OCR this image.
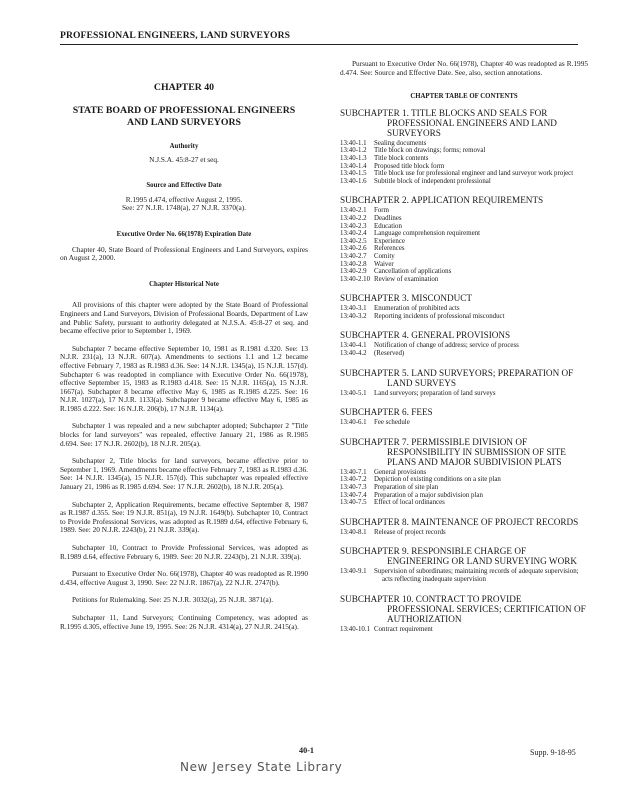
PROFESSIONAL ENGINEERS, LAND SURVEYORS
CHAPTER 40
STATE BOARD OF PROFESSIONAL ENGINEERS
AND LAND SURVEYORS
Authority
N.J.S.A. 45:8-27 et seq.
Source and Effective Date
R.1995 d.474, effective August 2, 1995.
See: 27 N.J.R. 1748(a), 27 N.J.R. 3370(a).
Executive Order No. 66(1978) Expiration Date

Chapter 40, State Board of Professional Engineers and Land Surveyors, expires on August 2, 2000.

Chapter Historical Note

All provisions of this chapter were adopted by the State Board of Professional Engineers and Land Surveyors, Division of Professional Boards, Department of Law and Public Safety, pursuant to authority delegated at N.J.S.A. 45:8-27 et seq. and became effective prior to September 1, 1969.

Subchapter 7 became effective September 10, 1981 as R.1981 d.320. See: 13 N.J.R. 231(a), 13 N.J.R. 607(a). Amendments to sections 1.1 and 1.2 became effective February 7, 1983 as R.1983 d.36. See: 14 N.J.R. 1345(a), 15 N.J.R. 157(d). Subchapter 6 was readopted in compliance with Executive Order No. 66(1978), effective September 15, 1983 as R.1983 d.418. See: 15 N.J.R. 1165(a), 15 N.J.R. 1667(a). Subchapter 8 became effective May 6, 1985 as R.1985 d.225. See: 16 N.J.R. 1027(a), 17 N.J.R. 1133(a). Subchapter 9 became effective May 6, 1985 as R.1985 d.222. See: 16 N.J.R. 206(b), 17 N.J.R. 1134(a).

Subchapter 1 was repealed and a new subchapter adopted; Subchapter 2 "Title blocks for land surveyors" was repealed, effective January 21, 1986 as R.1985 d.694. See: 17 N.J.R. 2602(b), 18 N.J.R. 205(a).

Subchapter 2, Title blocks for land surveyors, became effective prior to September 1, 1969. Amendments became effective February 7, 1983 as R.1983 d.36. See: 14 N.J.R. 1345(a), 15 N.J.R. 157(d). This subchapter was repealed effective January 21, 1986 as R.1985 d.694. See: 17 N.J.R. 2602(b), 18 N.J.R. 205(a).

Subchapter 2, Application Requirements, became effective September 8, 1987 as R.1987 d.355. See: 19 N.J.R. 851(a), 19 N.J.R. 1649(b). Subchapter 10, Contract to Provide Professional Services, was adopted as R.1989 d.64, effective February 6, 1989. See: 20 N.J.R. 2243(b), 21 N.J.R. 339(a).

Subchapter 10, Contract to Provide Professional Services, was adopted as R.1989 d.64, effective February 6, 1989. See: 20 N.J.R. 2243(b), 21 N.J.R. 339(a).

Pursuant to Executive Order No. 66(1978), Chapter 40 was readopted as R.1990 d.434, effective August 3, 1990. See: 22 N.J.R. 1867(a), 22 N.J.R. 2747(b).

Petitions for Rulemaking. See: 25 N.J.R. 3032(a), 25 N.J.R. 3871(a).

Subchapter 11, Land Surveyors; Continuing Competency, was adopted as R.1995 d.305, effective June 19, 1995. See: 26 N.J.R. 4314(a), 27 N.J.R. 2415(a).

Pursuant to Executive Order No. 66(1978), Chapter 40 was readopted as R.1995 d.474. See: Source and Effective Date. See, also, section annotations.

CHAPTER TABLE OF CONTENTS
SUBCHAPTER 1. TITLE BLOCKS AND SEALS FOR PROFESSIONAL ENGINEERS AND LAND SURVEYORS
13:40-1.1	Sealing documents
13:40-1.2	Title block on drawings; forms; removal
13:40-1.3	Title block contents
13:40-1.4	Proposed title block form
13:40-1.5	Title block use for professional engineer and land surveyor work project
13:40-1.6	Subtitle block of independent professional
SUBCHAPTER 2. APPLICATION REQUIREMENTS
13:40-2.1	Form
13:40-2.2	Deadlines
13:40-2.3	Education
13:40-2.4	Language comprehension requirement
13:40-2.5	Experience
13:40-2.6	References
13:40-2.7	Comity
13:40-2.8	Waiver
13:40-2.9	Cancellation of applications
13:40-2.10 Review of examination
SUBCHAPTER 3. MISCONDUCT
13:40-3.1	Enumeration of prohibited acts
13:40-3.2	Reporting incidents of professional misconduct
SUBCHAPTER 4. GENERAL PROVISIONS
13:40-4.1	Notification of change of address; service of process
13:40-4.2	(Reserved)
SUBCHAPTER 5. LAND SURVEYORS; PREPARATION OF LAND SURVEYS
13:40-5.1	Land surveyors; preparation of land surveys
SUBCHAPTER 6. FEES
13:40-6.1	Fee schedule
SUBCHAPTER 7. PERMISSIBLE DIVISION OF RESPONSIBILITY IN SUBMISSION OF SITE PLANS AND MAJOR SUBDIVISION PLATS
13:40-7.1	General provisions
13:40-7.2	Depiction of existing conditions on a site plan
13:40-7.3	Preparation of site plan
13:40-7.4	Preparation of a major subdivision plan
13:40-7.5	Effect of local ordinances
SUBCHAPTER 8. MAINTENANCE OF PROJECT RECORDS
13:40-8.1	Release of project records
SUBCHAPTER 9. RESPONSIBLE CHARGE OF ENGINEERING OR LAND SURVEYING WORK
13:40-9.1	Supervision of subordinates; maintaining records of adequate supervision; acts reflecting inadequate supervision
SUBCHAPTER 10. CONTRACT TO PROVIDE PROFESSIONAL SERVICES; CERTIFICATION OF AUTHORIZATION
13:40-10.1 Contract requirement
40-1	Supp. 9-18-95
New Jersey State Library
